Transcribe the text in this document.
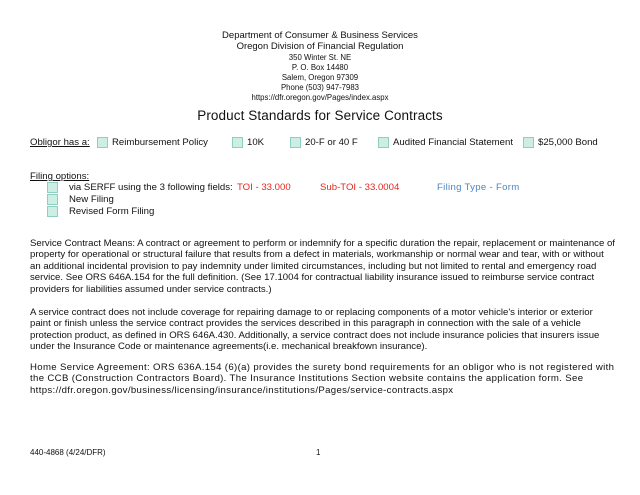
Department of Consumer & Business Services
Oregon Division of Financial Regulation
350 Winter St. NE
P. O. Box 14480
Salem, Oregon 97309
Phone (503) 947-7983
https://dfr.oregon.gov/Pages/index.aspx
Product Standards for Service Contracts
Obligor has a: Reimbursement Policy	10K	20-F or 40 F	Audited Financial Statement	$25,000 Bond
Filing options:
via SERFF using the 3 following fields: TOI - 33.000	Sub-TOI - 33.0004	Filing Type - Form
New Filing
Revised Form Filing
Service Contract Means: A contract or agreement to perform or indemnify for a specific duration the repair, replacement or maintenance of property for operational or structural failure that results from a defect in materials, workmanship or normal wear and tear, with or without an additional incidental provision to pay indemnity under limited circumstances, including but not limited to rental and emergency road service. See ORS 646A.154 for the full definition. (See 17.1004 for contractual liability insurance issued to reimburse service contract providers for liabilities assumed under service contracts.)
A service contract does not include coverage for repairing damage to or replacing components of a motor vehicle's interior or exterior paint or finish unless the service contract provides the services described in this paragraph in connection with the sale of a vehicle protection product, as defined in ORS 646A.430. Additionally, a service contract does not include insurance policies that insurers issue under the Insurance Code or maintenance agreements(i.e. mechanical breakfown insurance).
Home Service Agreement: ORS 636A.154 (6)(a) provides the surety bond requirements for an obligor who is not registered with the CCB (Construction Contractors Board). The Insurance Institutions Section website contains the application form. See https://dfr.oregon.gov/business/licensing/insurance/institutions/Pages/service-contracts.aspx
440-4868 (4/24/DFR)	1
